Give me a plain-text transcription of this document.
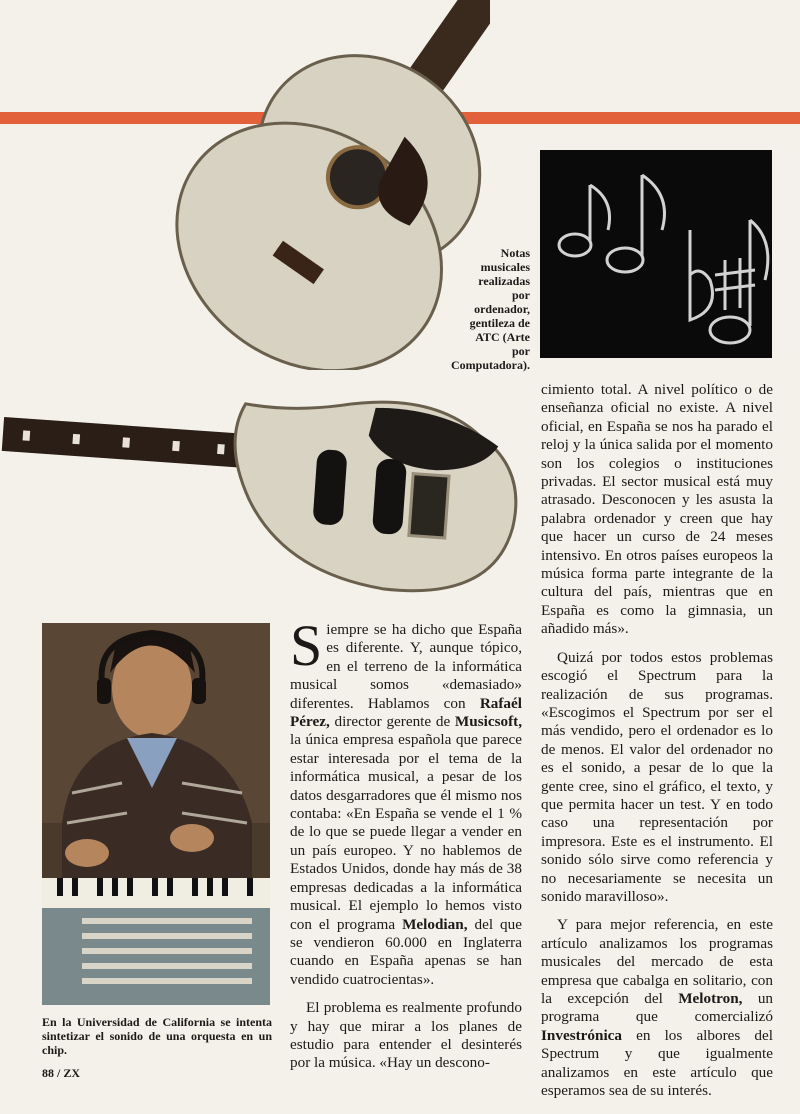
Notas
musicales
realizadas
por
ordenador,
gentileza de
ATC (Arte
por
Computadora).
En la Universidad de California se intenta sintetizar el sonido de una orquesta en un chip.

Siempre se ha dicho que España es diferente. Y, aunque tópico, en el terreno de la informática musical somos «demasiado» diferentes. Hablamos con Rafaél Pérez, director gerente de Musicsoft, la única empresa española que parece estar interesada por el tema de la informática musical, a pesar de los datos desgarradores que él mismo nos contaba: «En España se vende el 1 % de lo que se puede llegar a vender en un país europeo. Y no hablemos de Estados Unidos, donde hay más de 38 empresas dedicadas a la informática musical. El ejemplo lo hemos visto con el programa Melodian, del que se vendieron 60.000 en Inglaterra cuando en España apenas se han vendido cuatrocientas».

El problema es realmente profundo y hay que mirar a los planes de estudio para entender el desinterés por la música. «Hay un descono-

cimiento total. A nivel político o de enseñanza oficial no existe. A nivel oficial, en España se nos ha parado el reloj y la única salida por el momento son los colegios o instituciones privadas. El sector musical está muy atrasado. Desconocen y les asusta la palabra ordenador y creen que hay que hacer un curso de 24 meses intensivo. En otros países europeos la música forma parte integrante de la cultura del país, mientras que en España es como la gimnasia, un añadido más».

Quizá por todos estos problemas escogió el Spectrum para la realización de sus programas. «Escogimos el Spectrum por ser el más vendido, pero el ordenador es lo de menos. El valor del ordenador no es el sonido, a pesar de lo que la gente cree, sino el gráfico, el texto, y que permita hacer un test. Y en todo caso una representación por impresora. Este es el instrumento. El sonido sólo sirve como referencia y no necesariamente se necesita un sonido maravilloso».

Y para mejor referencia, en este artículo analizamos los programas musicales del mercado de esta empresa que cabalga en solitario, con la excepción del Melotron, un programa que comercializó Investrónica en los albores del Spectrum y que igualmente analizamos en este artículo que esperamos sea de su interés.

88 / ZX
